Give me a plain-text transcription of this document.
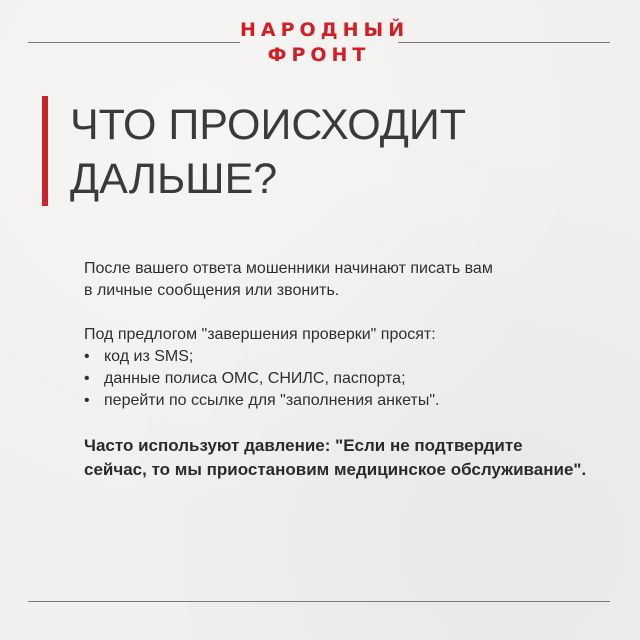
НАРОДНЫЙ
ФРОНТ
ЧТО ПРОИСХОДИТ
ДАЛЬШЕ?

После вашего ответа мошенники начинают писать вам
в личные сообщения или звонить.

Под предлогом "завершения проверки" просят:

• код из SMS;
• данные полиса ОМС, СНИЛС, паспорта;
• перейти по ссылке для "заполнения анкеты".

Часто используют давление: "Если не подтвердите
сейчас, то мы приостановим медицинское обслуживание".
